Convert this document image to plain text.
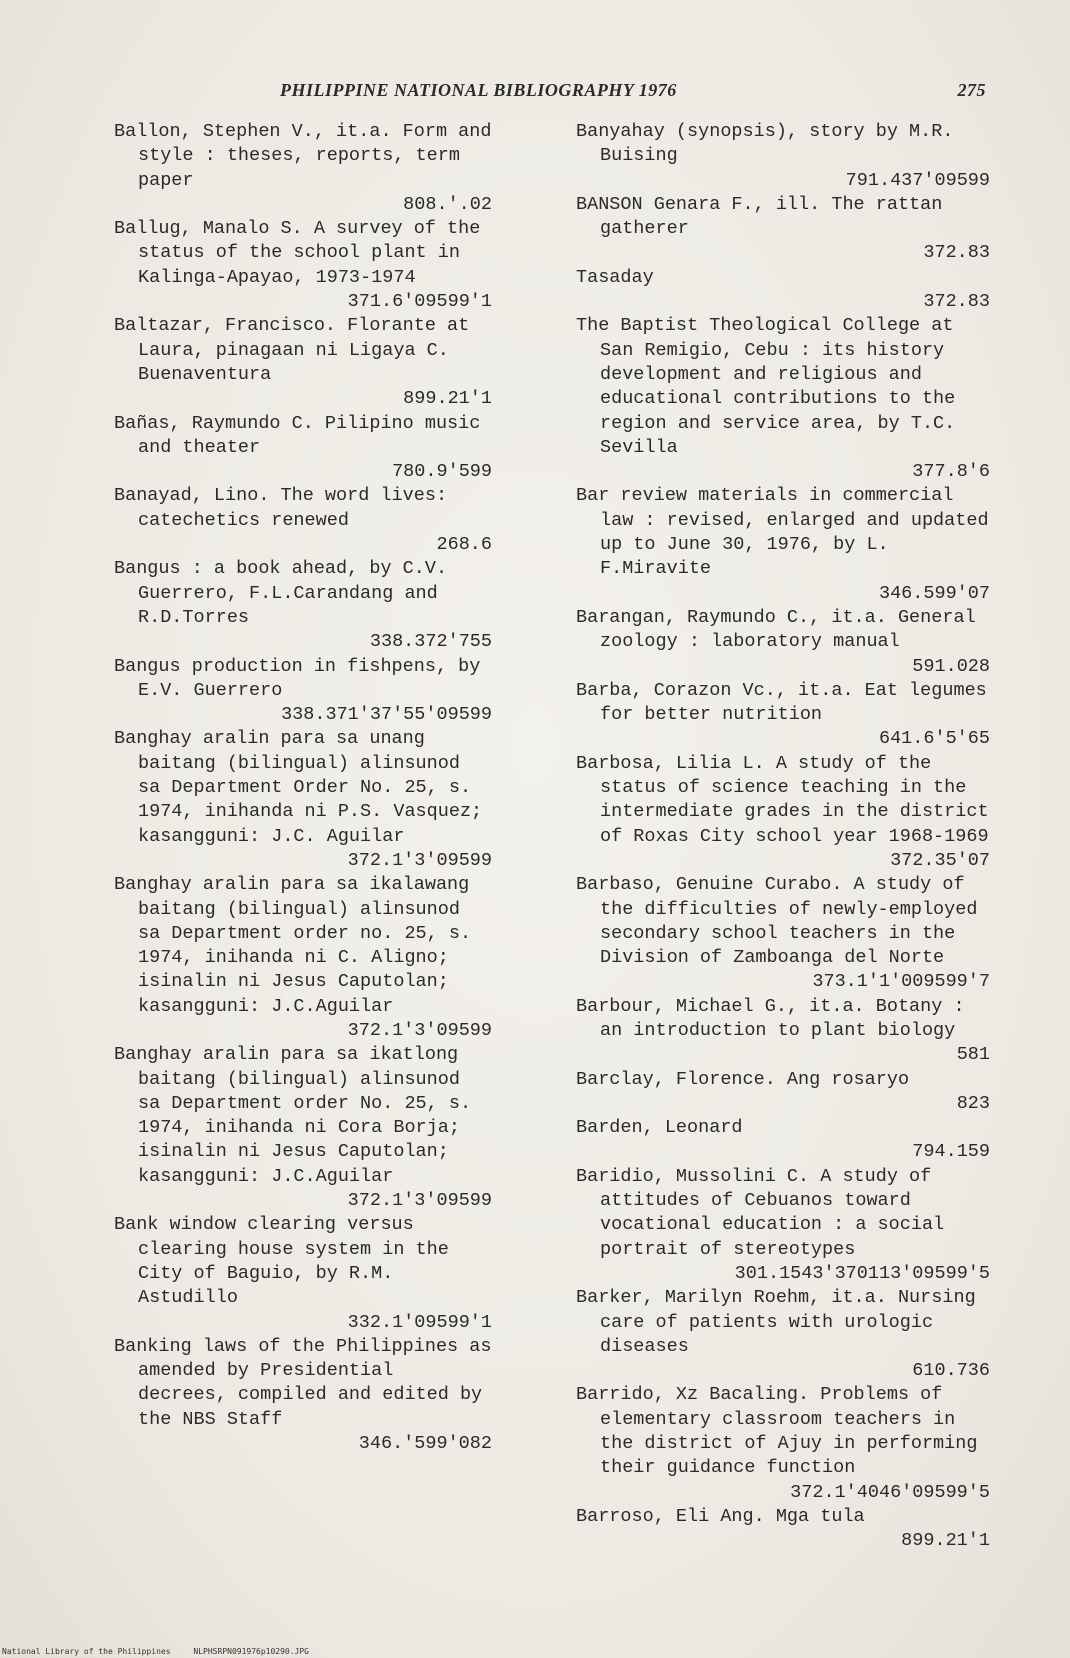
PHILIPPINE NATIONAL BIBLIOGRAPHY 1976	275
Ballon, Stephen V., it.a. Form and style : theses, reports, term paper
808.'.02
Ballug, Manalo S. A survey of the status of the school plant in Kalinga-Apayao, 1973-1974
371.6'09599'1
Baltazar, Francisco. Florante at Laura, pinagaan ni Ligaya C. Buenaventura
899.21'1
Bañas, Raymundo C. Pilipino music and theater
780.9'599
Banayad, Lino. The word lives: catechetics renewed
268.6
Bangus : a book ahead, by C.V. Guerrero, F.L.Carandang and R.D.Torres
338.372'755
Bangus production in fishpens, by E.V. Guerrero
338.371'37'55'09599
Banghay aralin para sa unang baitang (bilingual) alinsunod sa Department Order No. 25, s. 1974, inihanda ni P.S. Vasquez; kasangguni: J.C. Aguilar
372.1'3'09599
Banghay aralin para sa ikalawang baitang (bilingual) alinsunod sa Department order no. 25, s. 1974, inihanda ni C. Aligno; isinalin ni Jesus Caputolan; kasangguni: J.C.Aguilar
372.1'3'09599
Banghay aralin para sa ikatlong baitang (bilingual) alinsunod sa Department order No. 25, s. 1974, inihanda ni Cora Borja; isinalin ni Jesus Caputolan; kasangguni: J.C.Aguilar
372.1'3'09599
Bank window clearing versus clearing house system in the City of Baguio, by R.M. Astudillo
332.1'09599'1
Banking laws of the Philippines as amended by Presidential decrees, compiled and edited by the NBS Staff
346.'599'082
Banyahay (synopsis), story by M.R. Buising
791.437'09599
BANSON Genara F., ill. The rattan gatherer
372.83
Tasaday
372.83
The Baptist Theological College at San Remigio, Cebu : its history development and religious and educational contributions to the region and service area, by T.C. Sevilla
377.8'6
Bar review materials in commercial law : revised, enlarged and updated up to June 30, 1976, by L. F.Miravite
346.599'07
Barangan, Raymundo C., it.a. General zoology : laboratory manual
591.028
Barba, Corazon Vc., it.a. Eat legumes for better nutrition
641.6'5'65
Barbosa, Lilia L. A study of the status of science teaching in the intermediate grades in the district of Roxas City school year 1968-1969
372.35'07
Barbaso, Genuine Curabo. A study of the difficulties of newly-employed secondary school teachers in the Division of Zamboanga del Norte
373.1'1'009599'7
Barbour, Michael G., it.a. Botany : an introduction to plant biology
581
Barclay, Florence. Ang rosaryo
823
Barden, Leonard
794.159
Baridio, Mussolini C. A study of attitudes of Cebuanos toward vocational education : a social portrait of stereotypes
301.1543'370113'09599'5
Barker, Marilyn Roehm, it.a. Nursing care of patients with urologic diseases
610.736
Barrido, Xz Bacaling. Problems of elementary classroom teachers in the district of Ajuy in performing their guidance function
372.1'4046'09599'5
Barroso, Eli Ang. Mga tula
899.21'1
National Library of the Philippines	NLPHSRPN091976p10290.JPG
